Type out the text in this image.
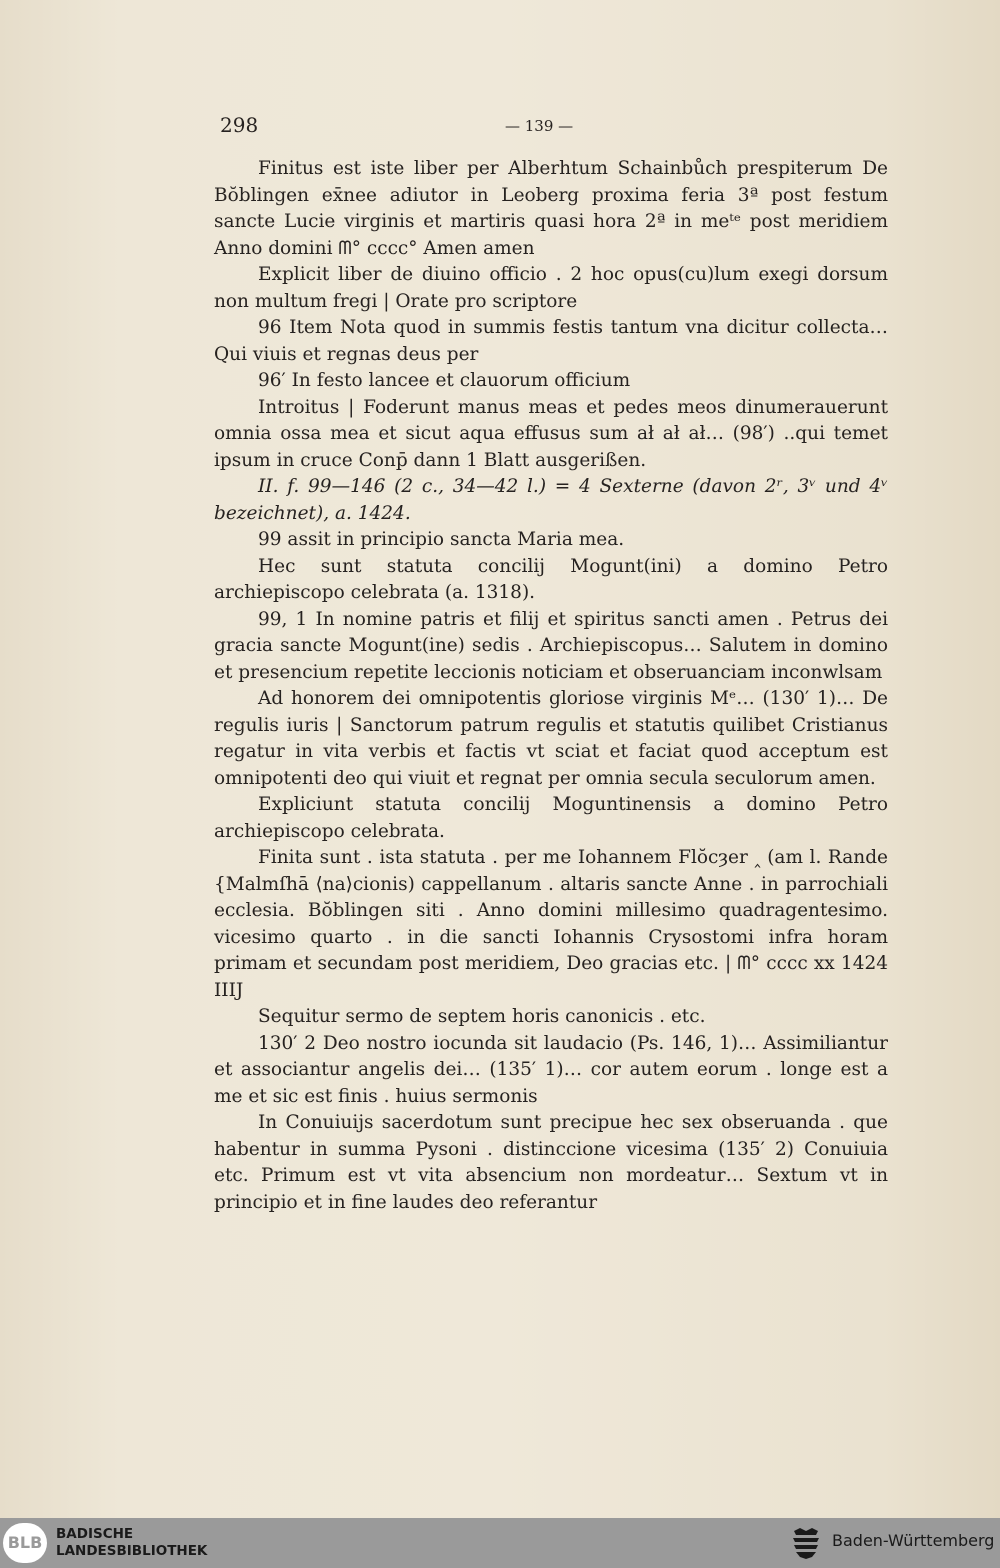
298	— 139 —

Finitus est iste liber per Alberhtum Schainbůch prespiterum De Bŏblingen ex̄nee adiutor in Leoberg proxima feria 3ª post festum sancte Lucie virginis et martiris quasi hora 2ª in meᵗᵉ post meridiem Anno domini ᗰ° cccc° Amen amen

Explicit liber de diuino officio . 2 hoc opus(cu)lum exegi dorsum non multum fregi | Orate pro scriptore

96 Item Nota quod in summis festis tantum vna dicitur collecta… Qui viuis et regnas deus per

96′ In festo lancee et clauorum officium

Introitus | Foderunt manus meas et pedes meos dinumerauerunt omnia ossa mea et sicut aqua effusus sum ał ał ał… (98′) ..qui temet ipsum in cruce Conp̄ dann 1 Blatt ausgerißen.

II. f. 99—146 (2 c., 34—42 l.) = 4 Sexterne (davon 2ʳ, 3ᵛ und 4ᵛ bezeichnet), a. 1424.

99 assit in principio sancta Maria mea.

Hec sunt statuta concilij Mogunt(ini) a domino Petro archiepiscopo celebrata (a. 1318).

99, 1 In nomine patris et filij et spiritus sancti amen . Petrus dei gracia sancte Mogunt(ine) sedis . Archiepiscopus… Salutem in domino et presencium repetite leccionis noticiam et obseruanciam inconwlsam

Ad honorem dei omnipotentis gloriose virginis Mᵉ… (130′ 1)… De regulis iuris | Sanctorum patrum regulis et statutis quilibet Cristianus regatur in vita verbis et factis vt sciat et faciat quod acceptum est omnipotenti deo qui viuit et regnat per omnia secula seculorum amen.

Expliciunt statuta concilij Moguntinensis a domino Petro archiepiscopo celebrata.

Finita sunt . ista statuta . per me Iohannem Flŏcȝer ‸ (am l. Rande {Malmſhā ⟨na⟩cionis) cappellanum . altaris sancte Anne . in parrochiali ecclesia. Bŏblingen siti . Anno domini millesimo quadragentesimo. vicesimo quarto . in die sancti Iohannis Crysostomi infra horam primam et secundam post meridiem, Deo gracias etc. | ᗰ° cccc xx 1424 IIIJ

Sequitur sermo de septem horis canonicis . etc.

130′ 2 Deo nostro iocunda sit laudacio (Ps. 146, 1)… Assimiliantur et associantur angelis dei… (135′ 1)… cor autem eorum . longe est a me et sic est finis . huius sermonis

In Conuiuijs sacerdotum sunt precipue hec sex obseruanda . que habentur in summa Pysoni . distinccione vicesima (135′ 2) Conuiuia etc. Primum est vt vita absencium non mordeatur… Sextum vt in principio et in fine laudes deo referantur

BLB	BADISCHE
LANDESBIBLIOTHEK
Baden-Württemberg
